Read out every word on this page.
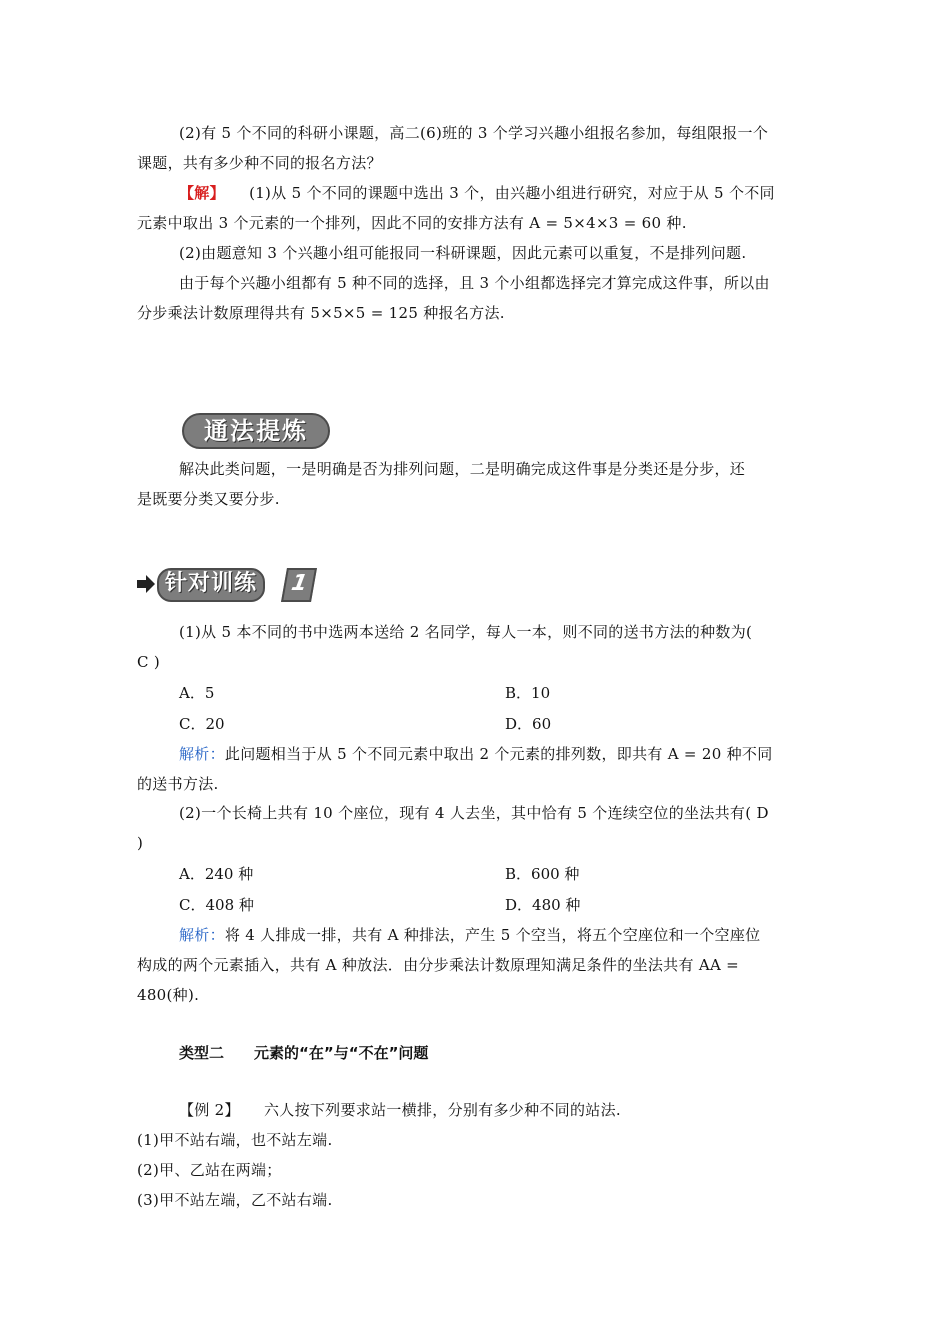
(2)有 5 个不同的科研小课题，高二(6)班的 3 个学习兴趣小组报名参加，每组限报一个
课题，共有多少种不同的报名方法？
【解】 (1)从 5 个不同的课题中选出 3 个，由兴趣小组进行研究，对应于从 5 个不同
元素中取出 3 个元素的一个排列，因此不同的安排方法有 A = 5×4×3 = 60 种.
(2)由题意知 3 个兴趣小组可能报同一科研课题，因此元素可以重复，不是排列问题.
由于每个兴趣小组都有 5 种不同的选择，且 3 个小组都选择完才算完成这件事，所以由
分步乘法计数原理得共有 5×5×5 = 125 种报名方法.
通法提炼
解决此类问题，一是明确是否为排列问题，二是明确完成这件事是分类还是分步，还
是既要分类又要分步.
针对训练	1
(1)从 5 本不同的书中选两本送给 2 名同学，每人一本，则不同的送书方法的种数为(
C )
A．5	B．10
C．20	D．60
解析：此问题相当于从 5 个不同元素中取出 2 个元素的排列数，即共有 A = 20 种不同
的送书方法.
(2)一个长椅上共有 10 个座位，现有 4 人去坐，其中恰有 5 个连续空位的坐法共有( D
)
A．240 种	B．600 种
C．408 种	D．480 种
解析：将 4 人排成一排，共有 A 种排法，产生 5 个空当，将五个空座位和一个空座位
构成的两个元素插入，共有 A 种放法．由分步乘法计数原理知满足条件的坐法共有 AA =
480(种).
类型二　　元素的“在”与“不在”问题
【例 2】 六人按下列要求站一横排，分别有多少种不同的站法.
(1)甲不站右端，也不站左端.
(2)甲、乙站在两端；
(3)甲不站左端，乙不站右端.
